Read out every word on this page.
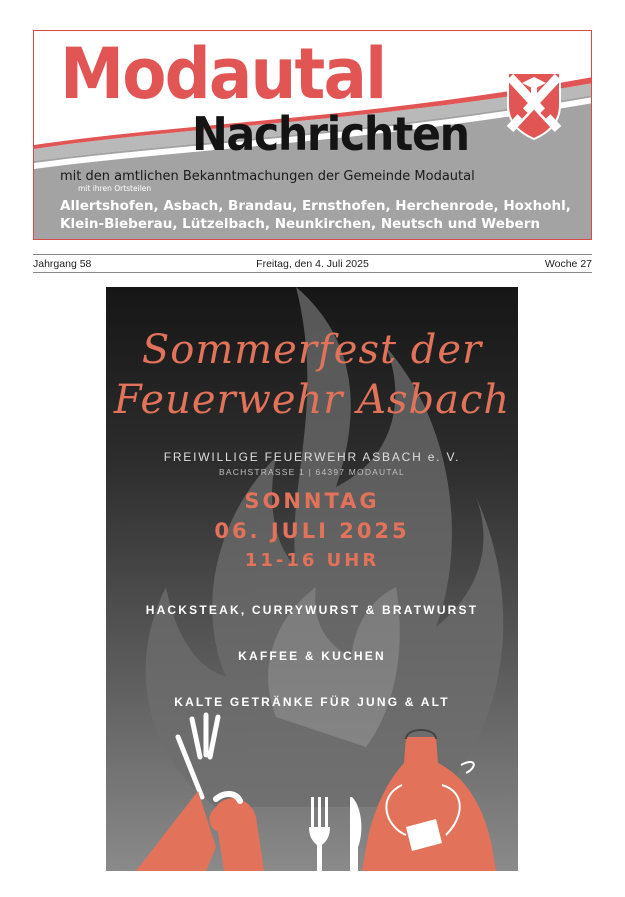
Modautal
Nachrichten
mit den amtlichen Bekanntmachungen der Gemeinde Modautal
mit ihren Ortsteilen
Allertshofen, Asbach, Brandau, Ernsthofen, Herchenrode, Hoxhohl,
Klein-Bieberau, Lützelbach, Neunkirchen, Neutsch und Webern
Jahrgang 58	Freitag, den 4. Juli 2025	Woche 27
Sommerfest der
Feuerwehr Asbach
FREIWILLIGE FEUERWEHR ASBACH e. V.
BACHSTRASSE 1 | 64397 MODAUTAL
SONNTAG
06. JULI 2025
11-16 UHR
HACKSTEAK, CURRYWURST & BRATWURST
KAFFEE & KUCHEN
KALTE GETRÄNKE FÜR JUNG & ALT
